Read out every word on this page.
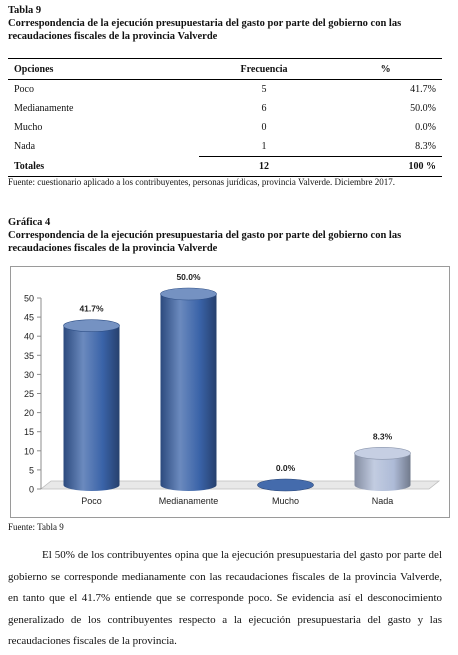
Tabla 9
Correspondencia de la ejecución presupuestaria del gasto por parte del gobierno con las recaudaciones fiscales de la provincia Valverde
Opciones	Frecuencia	%
Poco	5	41.7%
Medianamente	6	50.0%
Mucho	0	0.0%
Nada	1	8.3%
Totales	12	100 %

Fuente: cuestionario aplicado a los contribuyentes, personas jurídicas, provincia Valverde. Diciembre 2017.

Gráfica 4
Correspondencia de la ejecución presupuestaria del gasto por parte del gobierno con las recaudaciones fiscales de la provincia Valverde
0
5
10
15
20
25
30
35
40
45
50
41.7%
Poco
50.0%
Medianamente
0.0%
Mucho
8.3%
Nada

Fuente: Tabla 9

El 50% de los contribuyentes opina que la ejecución presupuestaria del gasto por parte del gobierno se corresponde medianamente con las recaudaciones fiscales de la provincia Valverde, en tanto que el 41.7% entiende que se corresponde poco. Se evidencia así el desconocimiento generalizado de los contribuyentes respecto a la ejecución presupuestaria del gasto y las recaudaciones fiscales de la provincia.
